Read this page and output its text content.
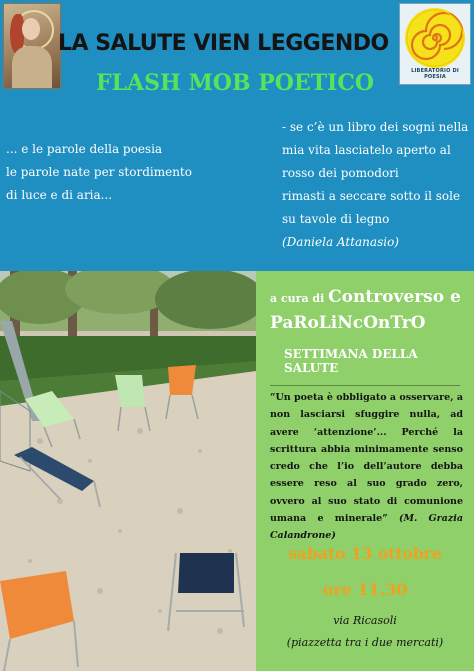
LIBERATORIO DI POESIA
LA SALUTE VIEN LEGGENDO
FLASH MOB POETICO
... e le parole della poesia
le parole nate per stordimento
di luce e di aria...
- se c’è un libro dei sogni nella
mia vita lasciatelo aperto al
rosso dei pomodori
rimasti a seccare sotto il sole
su tavole di legno
(Daniela Attanasio)
a cura di Controverso e
PaRoLiNcOnTrO
SETTIMANA DELLA SALUTE
“Un poeta è obbligato a osservare, a non lasciarsi sfuggire nulla, ad avere ‘attenzione’... Perché la scrittura abbia minimamente senso credo che l’io dell’autore debba essere reso al suo grado zero, ovvero al suo stato di comunione umana e minerale” (M. Grazia Calandrone)
sabato 13 ottobre
ore 11.30
via Ricasoli
(piazzetta tra i due mercati)
